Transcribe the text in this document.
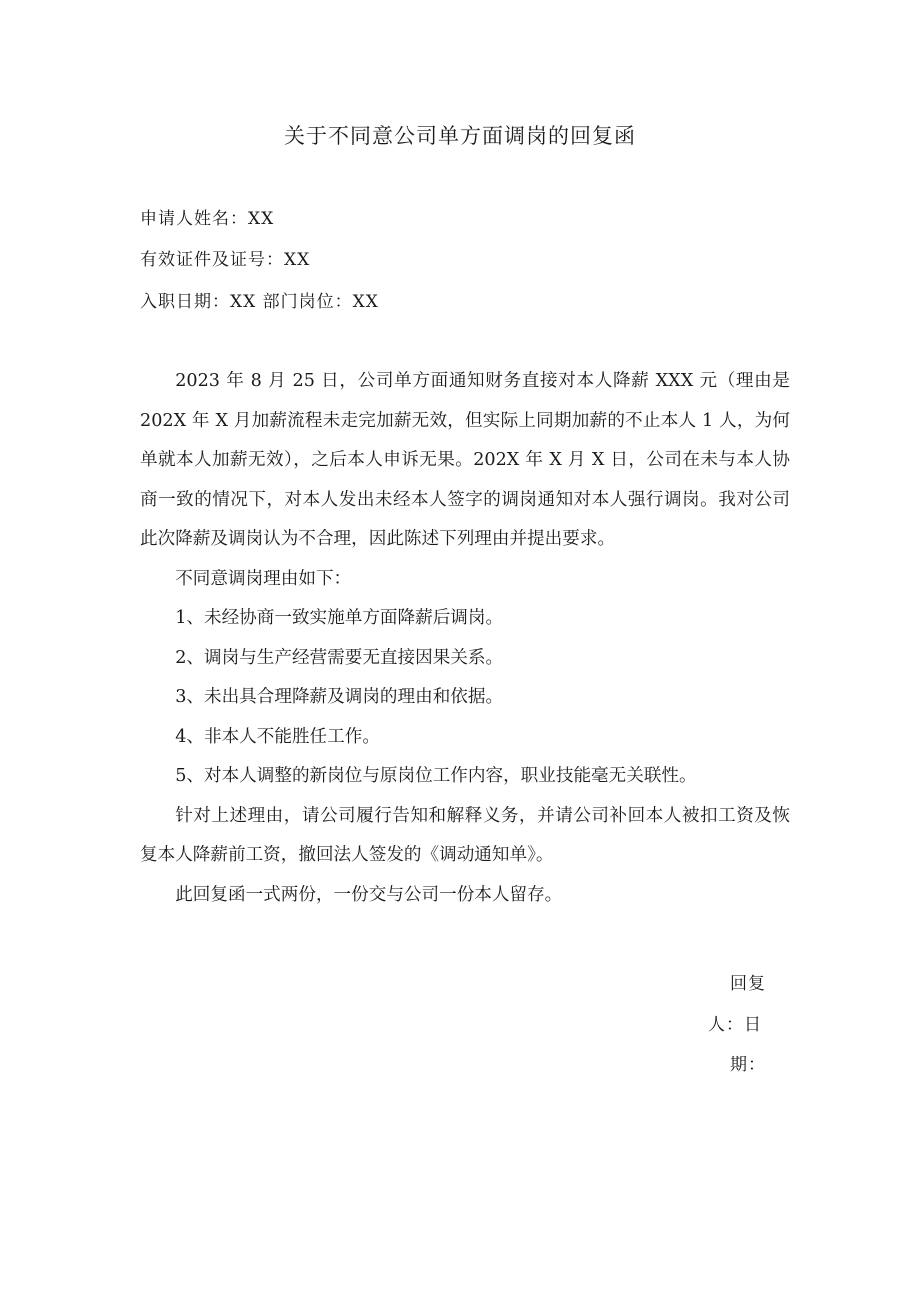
关于不同意公司单方面调岗的回复函
申请人姓名：XX
有效证件及证号：XX
入职日期：XX 部门岗位：XX

2023 年 8 月 25 日，公司单方面通知财务直接对本人降薪 XXX 元（理由是 202X 年 X 月加薪流程未走完加薪无效，但实际上同期加薪的不止本人 1 人，为何单就本人加薪无效），之后本人申诉无果。202X 年 X 月 X 日，公司在未与本人协商一致的情况下，对本人发出未经本人签字的调岗通知对本人强行调岗。我对公司此次降薪及调岗认为不合理，因此陈述下列理由并提出要求。

不同意调岗理由如下：

1、未经协商一致实施单方面降薪后调岗。

2、调岗与生产经营需要无直接因果关系。

3、未出具合理降薪及调岗的理由和依据。

4、非本人不能胜任工作。

5、对本人调整的新岗位与原岗位工作内容，职业技能毫无关联性。

针对上述理由，请公司履行告知和解释义务，并请公司补回本人被扣工资及恢复本人降薪前工资，撤回法人签发的《调动通知单》。

此回复函一式两份，一份交与公司一份本人留存。

回复
人：日
期：
